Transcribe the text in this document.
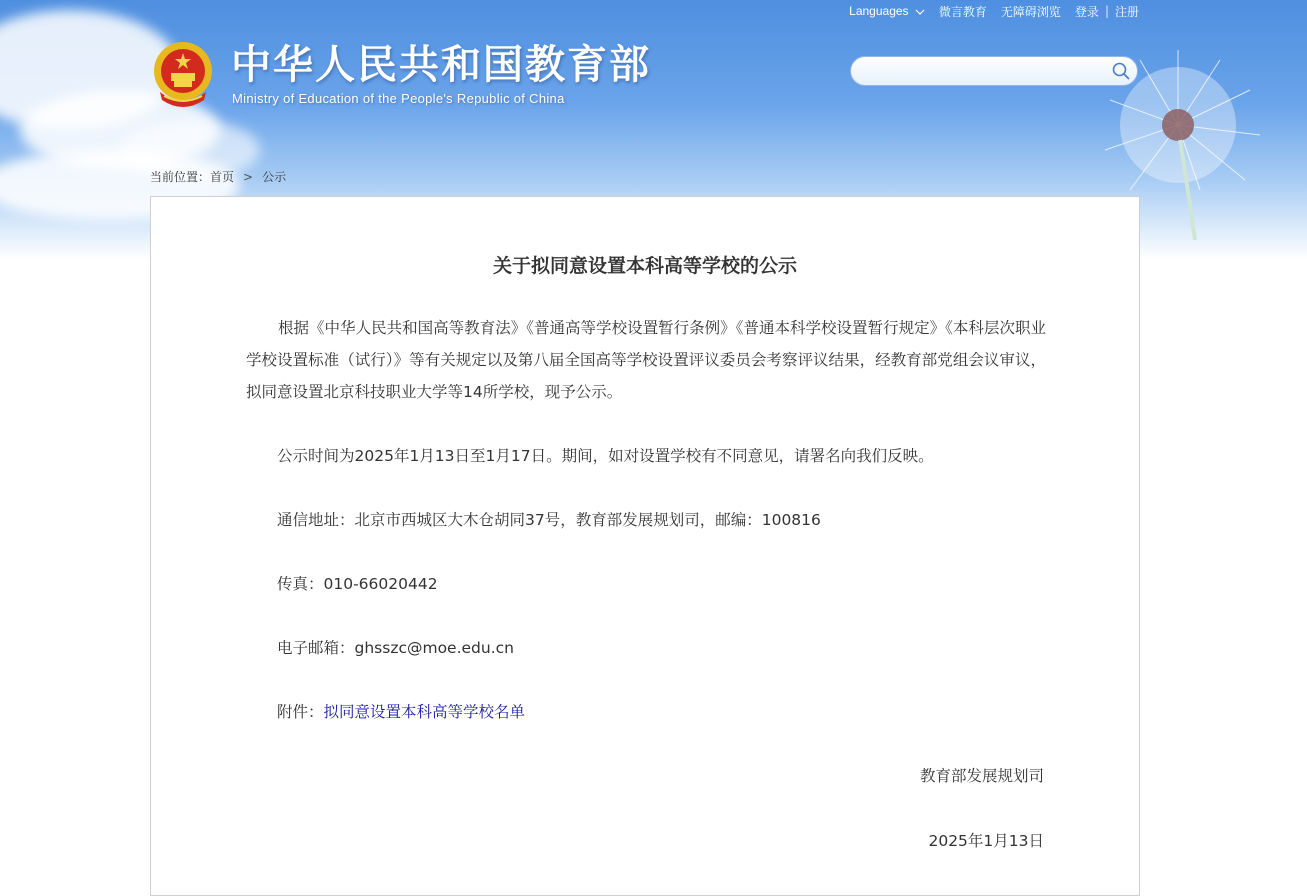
中华人民共和国教育部
Ministry of Education of the People's Republic of China
Languages	微言教育 无障碍浏览 登录 | 注册
当前位置：首页 > 公示
关于拟同意设置本科高等学校的公示

根据《中华人民共和国高等教育法》《普通高等学校设置暂行条例》《普通本科学校设置暂行规定》《本科层次职业学校设置标准（试行）》等有关规定以及第八届全国高等学校设置评议委员会考察评议结果，经教育部党组会议审议，拟同意设置北京科技职业大学等14所学校，现予公示。

公示时间为2025年1月13日至1月17日。期间，如对设置学校有不同意见，请署名向我们反映。
通信地址：北京市西城区大木仓胡同37号，教育部发展规划司，邮编：100816
传真：010-66020442
电子邮箱：ghsszc@moe.edu.cn
附件：拟同意设置本科高等学校名单
教育部发展规划司
2025年1月13日
